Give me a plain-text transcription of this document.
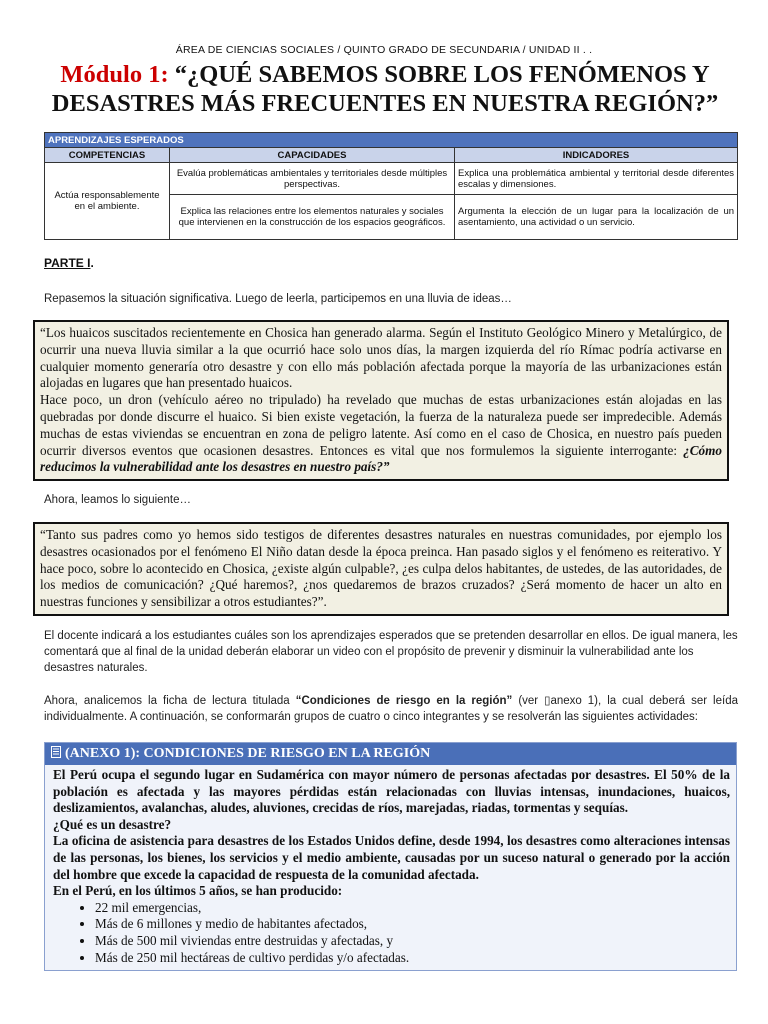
ÁREA DE CIENCIAS SOCIALES / QUINTO GRADO DE SECUNDARIA / UNIDAD II . .
Módulo 1: “¿QUÉ SABEMOS SOBRE LOS FENÓMENOS Y DESASTRES MÁS FRECUENTES EN NUESTRA REGIÓN?”
APRENDIZAJES ESPERADOS		
COMPETENCIAS	CAPACIDADES	INDICADORES
Actúa responsablemente en el ambiente.	Evalúa problemáticas ambientales y territoriales desde múltiples perspectivas.	Explica una problemática ambiental y territorial desde diferentes escalas y dimensiones.
	Explica las relaciones entre los elementos naturales y sociales que intervienen en la construcción de los espacios geográficos.	Argumenta la elección de un lugar para la localización de un asentamiento, una actividad o un servicio.
PARTE I.
Repasemos la situación significativa. Luego de leerla, participemos en una lluvia de ideas…
“Los huaicos suscitados recientemente en Chosica han generado alarma. Según el Instituto Geológico Minero y Metalúrgico, de ocurrir una nueva lluvia similar a la que ocurrió hace solo unos días, la margen izquierda del río Rímac podría activarse en cualquier momento generaría otro desastre y con ello más población afectada porque la mayoría de las urbanizaciones están alojadas en lugares que han presentado huaicos.
Hace poco, un dron (vehículo aéreo no tripulado) ha revelado que muchas de estas urbanizaciones están alojadas en las quebradas por donde discurre el huaico. Si bien existe vegetación, la fuerza de la naturaleza puede ser impredecible. Además muchas de estas viviendas se encuentran en zona de peligro latente. Así como en el caso de Chosica, en nuestro país pueden ocurrir diversos eventos que ocasionen desastres. Entonces es vital que nos formulemos la siguiente interrogante: ¿Cómo reducimos la vulnerabilidad ante los desastres en nuestro país?”
Ahora, leamos lo siguiente…
“Tanto sus padres como yo hemos sido testigos de diferentes desastres naturales en nuestras comunidades, por ejemplo los desastres ocasionados por el fenómeno El Niño datan desde la época preinca. Han pasado siglos y el fenómeno es reiterativo. Y hace poco, sobre lo acontecido en Chosica, ¿existe algún culpable?, ¿es culpa delos habitantes, de ustedes, de las autoridades, de los medios de comunicación? ¿Qué haremos?, ¿nos quedaremos de brazos cruzados? ¿Será momento de hacer un alto en nuestras funciones y sensibilizar a otros estudiantes?”.
El docente indicará a los estudiantes cuáles son los aprendizajes esperados que se pretenden desarrollar en ellos. De igual manera, les comentará que al final de la unidad deberán elaborar un video con el propósito de prevenir y disminuir la vulnerabilidad ante los desastres naturales.
Ahora, analicemos la ficha de lectura titulada “Condiciones de riesgo en la región” (ver ▯anexo 1), la cual deberá ser leída individualmente. A continuación, se conformarán grupos de cuatro o cinco integrantes y se resolverán las siguientes actividades:
(ANEXO 1): CONDICIONES DE RIESGO EN LA REGIÓN

El Perú ocupa el segundo lugar en Sudamérica con mayor número de personas afectadas por desastres. El 50% de la población es afectada y las mayores pérdidas están relacionadas con lluvias intensas, inundaciones, huaicos, deslizamientos, avalanchas, aludes, aluviones, crecidas de ríos, marejadas, riadas, tormentas y sequías.

¿Qué es un desastre?

La oficina de asistencia para desastres de los Estados Unidos define, desde 1994, los desastres como alteraciones intensas de las personas, los bienes, los servicios y el medio ambiente, causadas por un suceso natural o generado por la acción del hombre que excede la capacidad de respuesta de la comunidad afectada.

En el Perú, en los últimos 5 años, se han producido:

• 22 mil emergencias,
• Más de 6 millones y medio de habitantes afectados,
• Más de 500 mil viviendas entre destruidas y afectadas, y
• Más de 250 mil hectáreas de cultivo perdidas y/o afectadas.
